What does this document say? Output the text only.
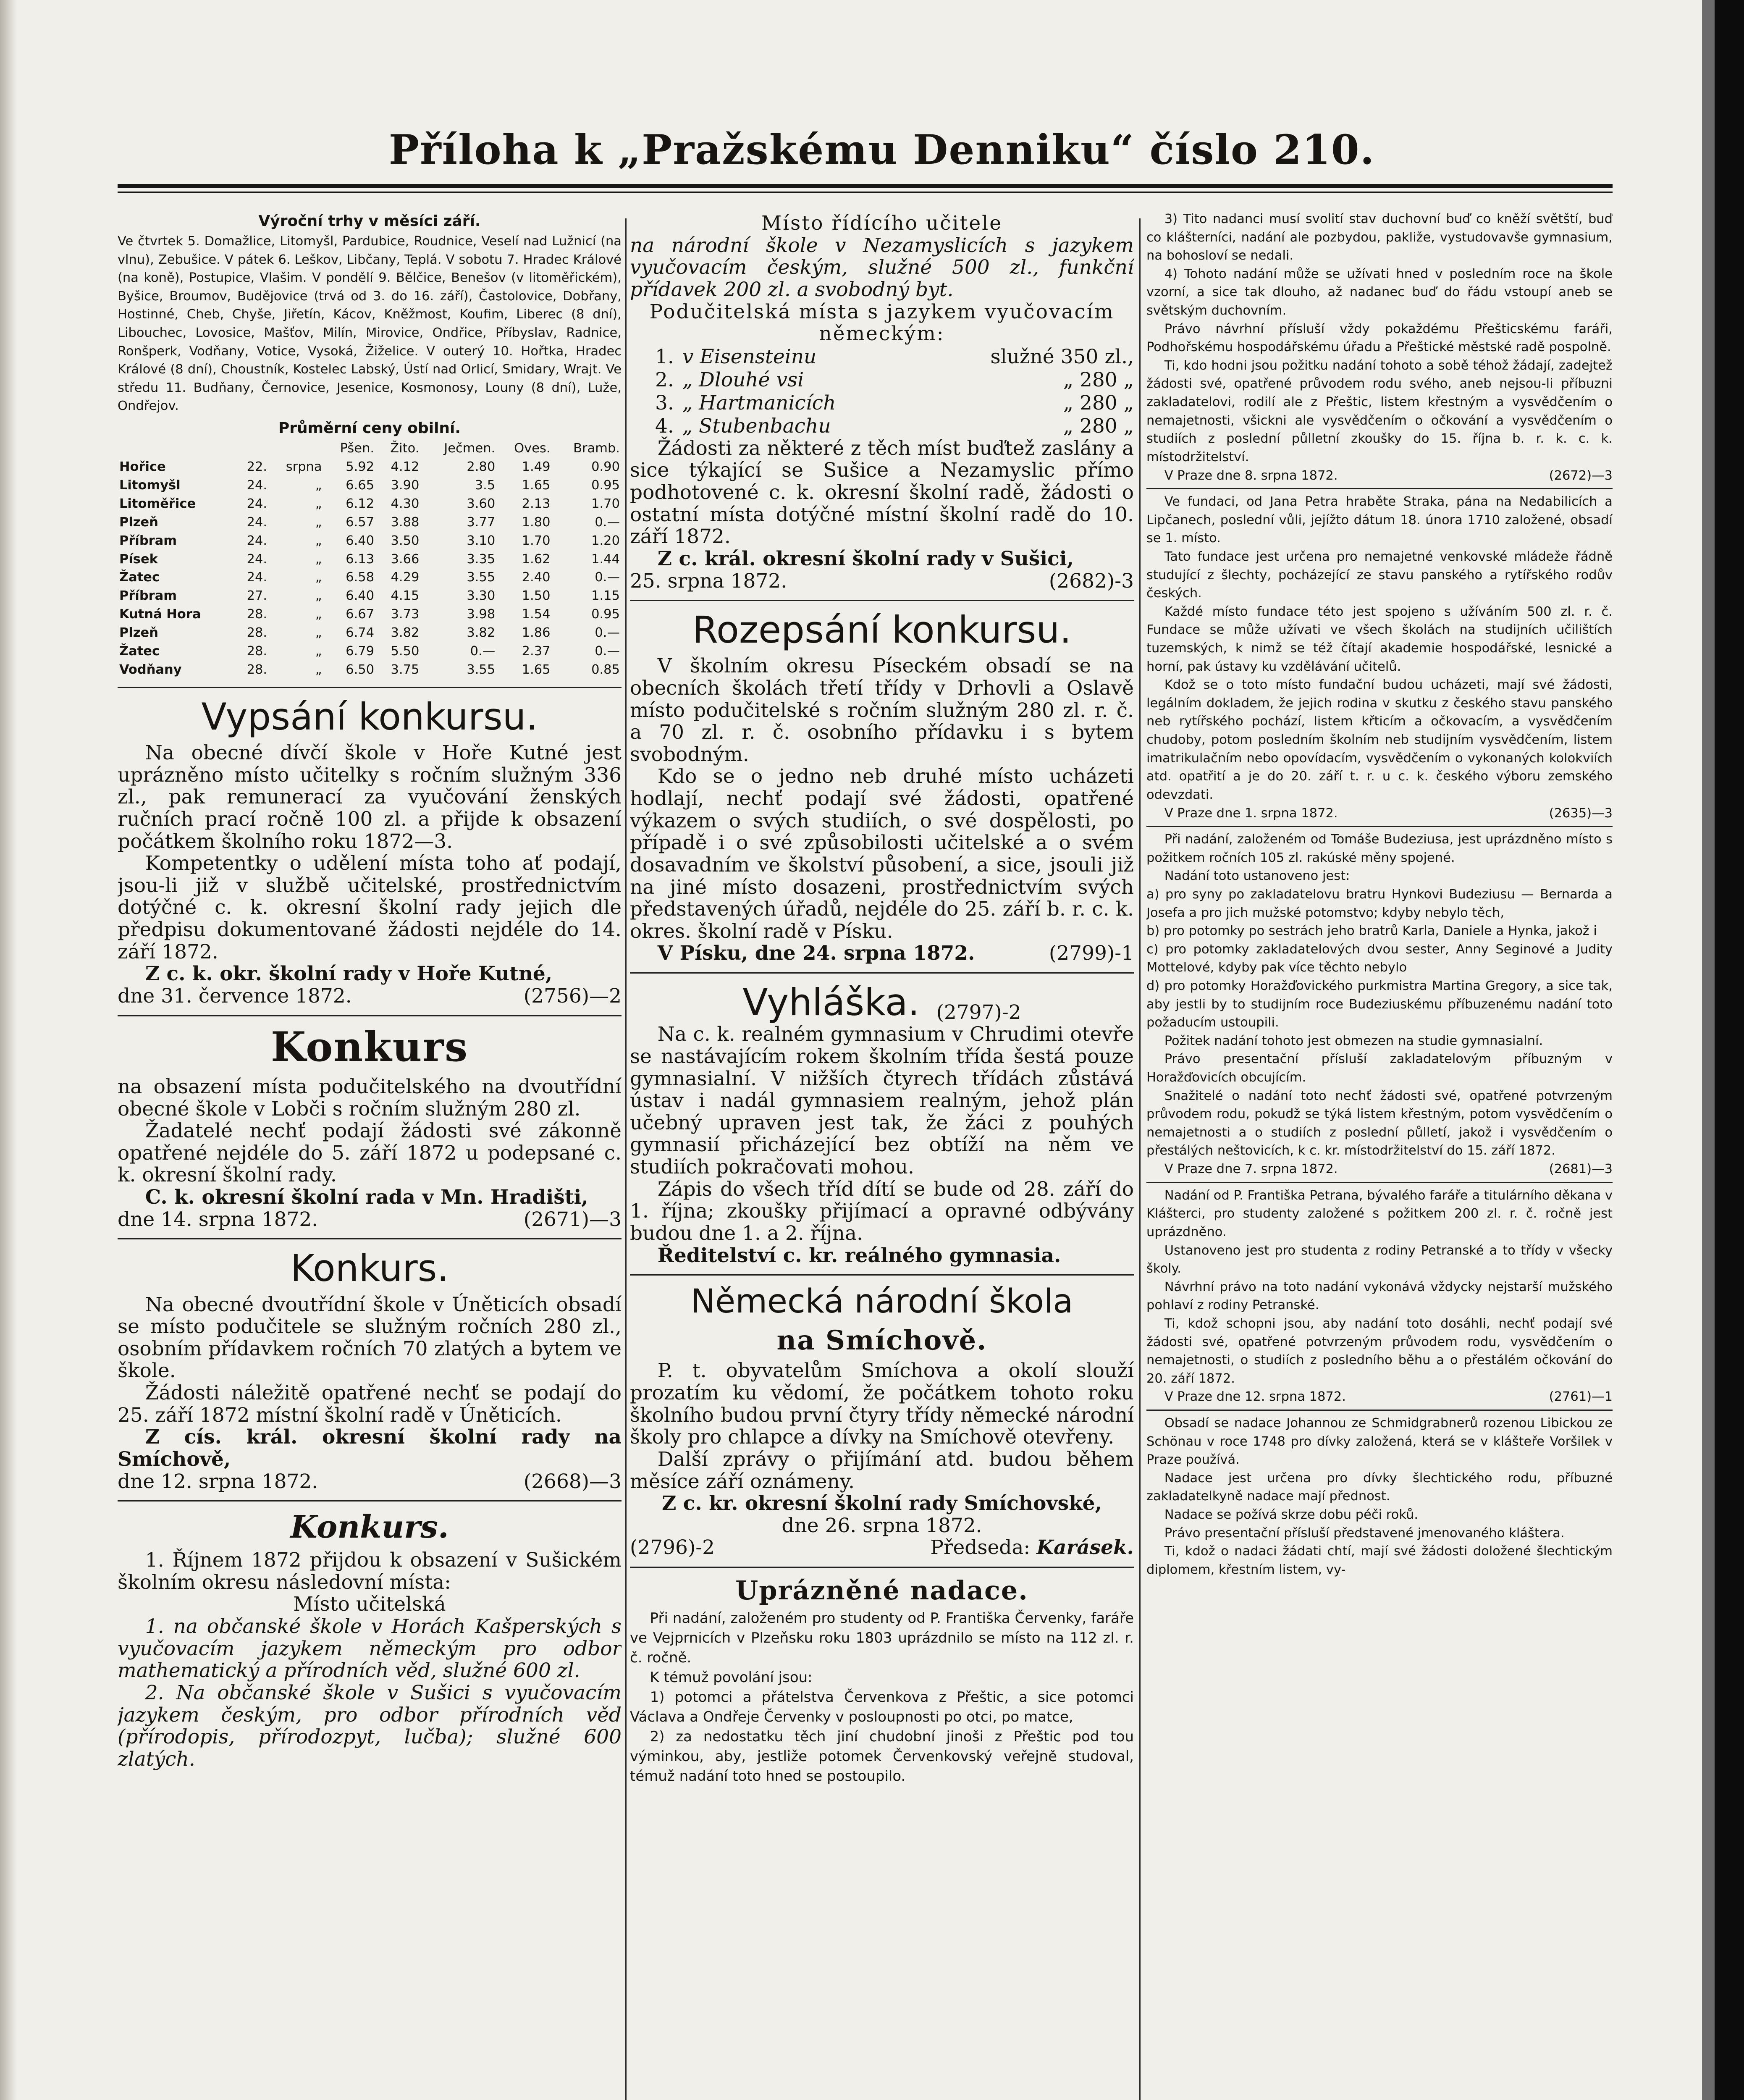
Příloha k „Pražskému Denniku“ číslo 210.
Výroční trhy v měsíci září.

Ve čtvrtek 5. Domažlice, Litomyšl, Pardubice, Roudnice, Veselí nad Lužnicí (na vlnu), Zebušice. V pátek 6. Leškov, Libčany, Teplá. V sobotu 7. Hradec Králové (na koně), Postupice, Vlašim. V pondělí 9. Bělčice, Benešov (v litoměřickém), Byšice, Broumov, Budějovice (trvá od 3. do 16. září), Častolovice, Dobřany, Hostinné, Cheb, Chyše, Jiřetín, Kácov, Kněžmost, Koufim, Liberec (8 dní), Libouchec, Lovosice, Mašťov, Milín, Mirovice, Ondřice, Příbyslav, Radnice, Ronšperk, Vodňany, Votice, Vysoká, Žiželice. V outerý 10. Hořtka, Hradec Králové (8 dní), Choustník, Kostelec Labský, Ústí nad Orlicí, Smidary, Wrajt. Ve středu 11. Budňany, Černovice, Jesenice, Kosmonosy, Louny (8 dní), Luže, Ondřejov.

Průměrní ceny obilní.
			Pšen.	Žito.	Ječmen.	Oves.	Bramb.
Hořice	22.	srpna	5.92	4.12	2.80	1.49	0.90
Litomyšl	24.	„	6.65	3.90	3.5	1.65	0.95
Litoměřice	24.	„	6.12	4.30	3.60	2.13	1.70
Plzeň	24.	„	6.57	3.88	3.77	1.80	0.—
Příbram	24.	„	6.40	3.50	3.10	1.70	1.20
Písek	24.	„	6.13	3.66	3.35	1.62	1.44
Žatec	24.	„	6.58	4.29	3.55	2.40	0.—
Příbram	27.	„	6.40	4.15	3.30	1.50	1.15
Kutná Hora	28.	„	6.67	3.73	3.98	1.54	0.95
Plzeň	28.	„	6.74	3.82	3.82	1.86	0.—
Žatec	28.	„	6.79	5.50	0.—	2.37	0.—
Vodňany	28.	„	6.50	3.75	3.55	1.65	0.85
Vypsání konkursu.

Na obecné dívčí škole v Hoře Kutné jest uprázněno místo učitelky s ročním služným 336 zl., pak remunerací za vyučování ženských ručních prací ročně 100 zl. a přijde k obsazení počátkem školního roku 1872—3.

Kompetentky o udělení místa toho ať podají, jsou-li již v službě učitelské, prostřednictvím dotýčné c. k. okresní školní rady jejich dle předpisu dokumentované žádosti nejdéle do 14. září 1872.

Z c. k. okr. školní rady v Hoře Kutné,

dne 31. července 1872.	(2756)—2

Konkurs

na obsazení místa podučitelského na dvoutřídní obecné škole v Lobči s ročním služným 280 zl.

Žadatelé nechť podají žádosti své zákonně opatřené nejdéle do 5. září 1872 u podepsané c. k. okresní školní rady.

C. k. okresní školní rada v Mn. Hradišti,

dne 14. srpna 1872.	(2671)—3

Konkurs.

Na obecné dvoutřídní škole v Úněticích obsadí se místo podučitele se služným ročních 280 zl., osobním přídavkem ročních 70 zlatých a bytem ve škole.

Žádosti náležitě opatřené nechť se podají do 25. září 1872 místní školní radě v Úněticích.

Z cís. král. okresní školní rady na Smíchově,

dne 12. srpna 1872.	(2668)—3

Konkurs.

1. Říjnem 1872 přijdou k obsazení v Sušickém školním okresu následovní místa:

Místo učitelská

1. na občanské škole v Horách Kašperských s vyučovacím jazykem německým pro odbor mathematický a přírodních věd, služné 600 zl.

2. Na občanské škole v Sušici s vyučovacím jazykem českým, pro odbor přírodních věd (přírodopis, přírodozpyt, lučba); služné 600 zlatých.

Místo řídícího učitele

na národní škole v Nezamyslicích s jazykem vyučovacím českým, služné 500 zl., funkční přídavek 200 zl. a svobodný byt.

Podučitelská místa s jazykem vyučovacím německým:

1. v Eisensteinu	služné 350 zl.,
2. „ Dlouhé vsi	„ 280 „
3. „ Hartmanicích	„ 280 „
4. „ Stubenbachu	„ 280 „

Žádosti za některé z těch míst buďtež zaslány a sice týkající se Sušice a Nezamyslic přímo podhotovené c. k. okresní školní radě, žádosti o ostatní místa dotýčné místní školní radě do 10. září 1872.

Z c. král. okresní školní rady v Sušici,

25. srpna 1872.	(2682)-3

Rozepsání konkursu.

V školním okresu Píseckém obsadí se na obecních školách třetí třídy v Drhovli a Oslavě místo podučitelské s ročním služným 280 zl. r. č. a 70 zl. r. č. osobního přídavku i s bytem svobodným.

Kdo se o jedno neb druhé místo ucházeti hodlají, nechť podají své žádosti, opatřené výkazem o svých studiích, o své dospělosti, po případě i o své způsobilosti učitelské a o svém dosavadním ve školství působení, a sice, jsouli již na jiné místo dosazeni, prostřednictvím svých představených úřadů, nejdéle do 25. září b. r. c. k. okres. školní radě v Písku.

V Písku, dne 24. srpna 1872.	(2799)-1

Vyhláška. (2797)-2

Na c. k. realném gymnasium v Chrudimi otevře se nastávajícím rokem školním třída šestá pouze gymnasialní. V nižších čtyrech třídách zůstává ústav i nadál gymnasiem realným, jehož plán učebný upraven jest tak, že žáci z pouhých gymnasií přicházející bez obtíží na něm ve studiích pokračovati mohou.

Zápis do všech tříd dítí se bude od 28. září do 1. října; zkoušky přijímací a opravné odbývány budou dne 1. a 2. října.

Ředitelství c. kr. reálného gymnasia.

Německá národní škola
na Smíchově.

P. t. obyvatelům Smíchova a okolí slouží prozatím ku vědomí, že počátkem tohoto roku školního budou první čtyry třídy německé národní školy pro chlapce a dívky na Smíchově otevřeny.

Další zprávy o přijímání atd. budou během měsíce září oznámeny.

Z c. kr. okresní školní rady Smíchovské,

dne 26. srpna 1872.

(2796)-2	Předseda: Karásek.

Uprázněné nadace.

Při nadání, založeném pro studenty od P. Františka Červenky, faráře ve Vejprnicích v Plzeňsku roku 1803 uprázdnilo se místo na 112 zl. r. č. ročně.

K témuž povolání jsou:

1) potomci a přátelstva Červenkova z Přeštic, a sice potomci Václava a Ondřeje Červenky v posloupnosti po otci, po matce,

2) za nedostatku těch jiní chudobní jinoši z Přeštic pod tou výminkou, aby, jestliže potomek Červenkovský veřejně studoval, témuž nadání toto hned se postoupilo.

3) Tito nadanci musí svolití stav duchovní buď co kněží světští, buď co klášterníci, nadání ale pozbydou, pakliže, vystudovavše gymnasium, na bohosloví se nedali.

4) Tohoto nadání může se užívati hned v posledním roce na škole vzorní, a sice tak dlouho, až nadanec buď do řádu vstoupí aneb se světským duchovním.

Právo návrhní přísluší vždy pokaždému Přešticskému faráři, Podhořskému hospodářskému úřadu a Přeštické městské radě pospolně.

Ti, kdo hodni jsou požitku nadání tohoto a sobě téhož žádají, zadejtež žádosti své, opatřené průvodem rodu svého, aneb nejsou-li příbuzni zakladatelovi, rodilí ale z Přeštic, listem křestným a vysvědčením o nemajetnosti, všickni ale vysvědčením o očkování a vysvědčením o studiích z poslední půlletní zkoušky do 15. října b. r. k. c. k. místodržitelství.

V Praze dne 8. srpna 1872.	(2672)—3

Ve fundaci, od Jana Petra hraběte Straka, pána na Nedabilicích a Lipčanech, poslední vůli, jejížto dátum 18. února 1710 založené, obsadí se 1. místo.

Tato fundace jest určena pro nemajetné venkovské mládeže řádně studující z šlechty, pocházející ze stavu panského a rytířského rodův českých.

Každé místo fundace této jest spojeno s užíváním 500 zl. r. č. Fundace se může užívati ve všech školách na studijních učilištích tuzemských, k nimž se též čítají akademie hospodářské, lesnické a horní, pak ústavy ku vzdělávání učitelů.

Kdož se o toto místo fundační budou ucházeti, mají své žádosti, legálním dokladem, že jejich rodina v skutku z českého stavu panského neb rytířského pochází, listem křticím a očkovacím, a vysvědčením chudoby, potom posledním školním neb studijním vysvědčením, listem imatrikulačním nebo opovídacím, vysvědčením o vykonaných kolokviích atd. opatřití a je do 20. září t. r. u c. k. českého výboru zemského odevzdati.

V Praze dne 1. srpna 1872.	(2635)—3

Při nadání, založeném od Tomáše Budeziusa, jest uprázdněno místo s požitkem ročních 105 zl. rakúské měny spojené.

Nadání toto ustanoveno jest:

a) pro syny po zakladatelovu bratru Hynkovi Budeziusu — Bernarda a Josefa a pro jich mužské potomstvo; kdyby nebylo těch,

b) pro potomky po sestrách jeho bratrů Karla, Daniele a Hynka, jakož i

c) pro potomky zakladatelových dvou sester, Anny Seginové a Judity Mottelové, kdyby pak více těchto nebylo

d) pro potomky Horažďovického purkmistra Martina Gregory, a sice tak, aby jestli by to studijním roce Budeziuskému příbuzenému nadání toto požaducím ustoupili.

Požitek nadání tohoto jest obmezen na studie gymnasialní.

Právo presentační přísluší zakladatelovým příbuzným v Horažďovicích obcujícím.

Snažitelé o nadání toto nechť žádosti své, opatřené potvrzeným průvodem rodu, pokudž se týká listem křestným, potom vysvědčením o nemajetnosti a o studiích z poslední půlletí, jakož i vysvědčením o přestálých neštovicích, k c. kr. místodržitelství do 15. září 1872.

V Praze dne 7. srpna 1872.	(2681)—3

Nadání od P. Františka Petrana, bývalého faráře a titulárního děkana v Klášterci, pro studenty založené s požitkem 200 zl. r. č. ročně jest uprázdněno.

Ustanoveno jest pro studenta z rodiny Petranské a to třídy v všecky školy.

Návrhní právo na toto nadání vykonává vždycky nejstarší mužského pohlaví z rodiny Petranské.

Ti, kdož schopni jsou, aby nadání toto dosáhli, nechť podají své žádosti své, opatřené potvrzeným průvodem rodu, vysvědčením o nemajetnosti, o studiích z posledního běhu a o přestálém očkování do 20. září 1872.

V Praze dne 12. srpna 1872.	(2761)—1

Obsadí se nadace Johannou ze Schmidgrabnerů rozenou Libickou ze Schönau v roce 1748 pro dívky založená, která se v klášteře Voršilek v Praze používá.

Nadace jest určena pro dívky šlechtického rodu, příbuzné zakladatelkyně nadace mají přednost.

Nadace se požívá skrze dobu péči roků.

Právo presentační přísluší představené jmenovaného kláštera.

Ti, kdož o nadaci žádati chtí, mají své žádosti doložené šlechtickým diplomem, křestním listem, vy-
